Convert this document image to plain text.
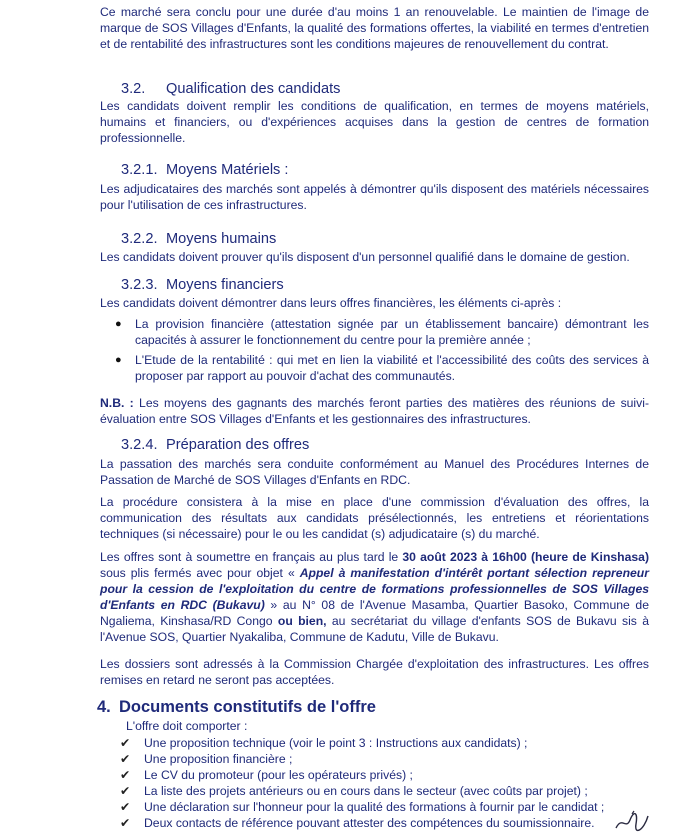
Ce marché sera conclu pour une durée d'au moins 1 an renouvelable. Le maintien de l'image de marque de SOS Villages d'Enfants, la qualité des formations offertes, la viabilité en termes d'entretien et de rentabilité des infrastructures sont les conditions majeures de renouvellement du contrat.

3.2. Qualification des candidats

Les candidats doivent remplir les conditions de qualification, en termes de moyens matériels, humains et financiers, ou d'expériences acquises dans la gestion de centres de formation professionnelle.

3.2.1. Moyens Matériels :

Les adjudicataires des marchés sont appelés à démontrer qu'ils disposent des matériels nécessaires pour l'utilisation de ces infrastructures.

3.2.2. Moyens humains

Les candidats doivent prouver qu'ils disposent d'un personnel qualifié dans le domaine de gestion.

3.2.3. Moyens financiers

Les candidats doivent démontrer dans leurs offres financières, les éléments ci-après :

● La provision financière (attestation signée par un établissement bancaire) démontrant les capacités à assurer le fonctionnement du centre pour la première année ;
● L'Etude de la rentabilité : qui met en lien la viabilité et l'accessibilité des coûts des services à proposer par rapport au pouvoir d'achat des communautés.

N.B. : Les moyens des gagnants des marchés feront parties des matières des réunions de suivi-évaluation entre SOS Villages d'Enfants et les gestionnaires des infrastructures.

3.2.4. Préparation des offres

La passation des marchés sera conduite conformément au Manuel des Procédures Internes de Passation de Marché de SOS Villages d'Enfants en RDC.

La procédure consistera à la mise en place d'une commission d'évaluation des offres, la communication des résultats aux candidats présélectionnés, les entretiens et réorientations techniques (si nécessaire) pour le ou les candidat (s) adjudicataire (s) du marché.

Les offres sont à soumettre en français au plus tard le 30 août 2023 à 16h00 (heure de Kinshasa) sous plis fermés avec pour objet « Appel à manifestation d'intérêt portant sélection repreneur pour la cession de l'exploitation du centre de formations professionnelles de SOS Villages d'Enfants en RDC (Bukavu) » au N° 08 de l'Avenue Masamba, Quartier Basoko, Commune de Ngaliema, Kinshasa/RD Congo ou bien, au secrétariat du village d'enfants SOS de Bukavu sis à l'Avenue SOS, Quartier Nyakaliba, Commune de Kadutu, Ville de Bukavu.

Les dossiers sont adressés à la Commission Chargée d'exploitation des infrastructures. Les offres remises en retard ne seront pas acceptées.

4. Documents constitutifs de l'offre

L'offre doit comporter :

✔ Une proposition technique (voir le point 3 : Instructions aux candidats) ;
✔ Une proposition financière ;
✔ Le CV du promoteur (pour les opérateurs privés) ;
✔ La liste des projets antérieurs ou en cours dans le secteur (avec coûts par projet) ;
✔ Une déclaration sur l'honneur pour la qualité des formations à fournir par le candidat ;
✔ Deux contacts de référence pouvant attester des compétences du soumissionnaire.
